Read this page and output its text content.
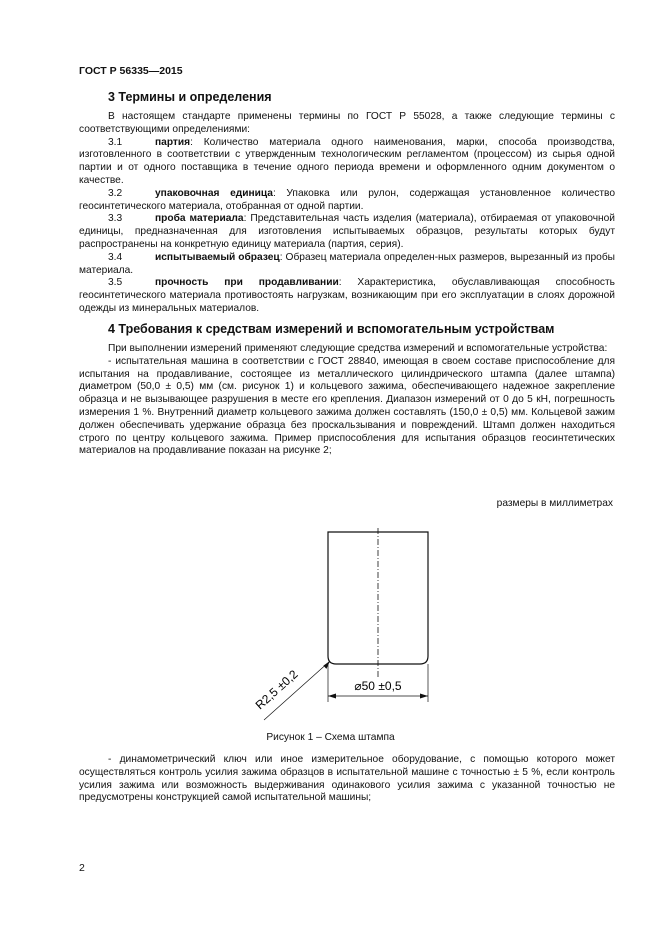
ГОСТ Р 56335—2015
3 Термины и определения

В настоящем стандарте применены термины по ГОСТ Р 55028, а также следующие термины с соответствующими определениями:

3.1	партия: Количество материала одного наименования, марки, способа производства, изготовленного в соответствии с утвержденным технологическим регламентом (процессом) из сырья одной партии и от одного поставщика в течение одного периода времени и оформленного одним документом о качестве.

3.2	упаковочная единица: Упаковка или рулон, содержащая установленное количество геосинтетического материала, отобранная от одной партии.

3.3	проба материала: Представительная часть изделия (материала), отбираемая от упаковочной единицы, предназначенная для изготовления испытываемых образцов, результаты которых будут распространены на конкретную единицу материала (партия, серия).

3.4	испытываемый образец: Образец материала определен-ных размеров, вырезанный из пробы материала.

3.5	прочность при продавливании: Характеристика, обуславливающая способность геосинтетического материала противостоять нагрузкам, возникающим при его эксплуатации в слоях дорожной одежды из минеральных материалов.

4 Требования к средствам измерений и вспомогательным устройствам

При выполнении измерений применяют следующие средства измерений и вспомогательные устройства:

- испытательная машина в соответствии с ГОСТ 28840, имеющая в своем составе приспособление для испытания на продавливание, состоящее из металлического цилиндрического штампа (далее штампа) диаметром (50,0 ± 0,5) мм (см. рисунок 1) и кольцевого зажима, обеспечивающего надежное закрепление образца и не вызывающее разрушения в месте его крепления. Диапазон измерений от 0 до 5 кН, погрешность измерения 1 %. Внутренний диаметр кольцевого зажима должен составлять (150,0 ± 0,5) мм. Кольцевой зажим должен обеспечивать удержание образца без проскальзывания и повреждений. Штамп должен находиться строго по центру кольцевого зажима. Пример приспособления для испытания образцов геосинтетических материалов на продавливание показан на рисунке 2;

размеры в миллиметрах
⌀50 ±0,5
R2,5 ±0,2
Рисунок 1 – Схема штампа

- динамометрический ключ или иное измерительное оборудование, с помощью которого может осуществляться контроль усилия зажима образцов в испытательной машине с точностью ± 5 %, если контроль усилия зажима или возможность выдерживания одинакового усилия зажима с указанной точностью не предусмотрены конструкцией самой испытательной машины;

2
